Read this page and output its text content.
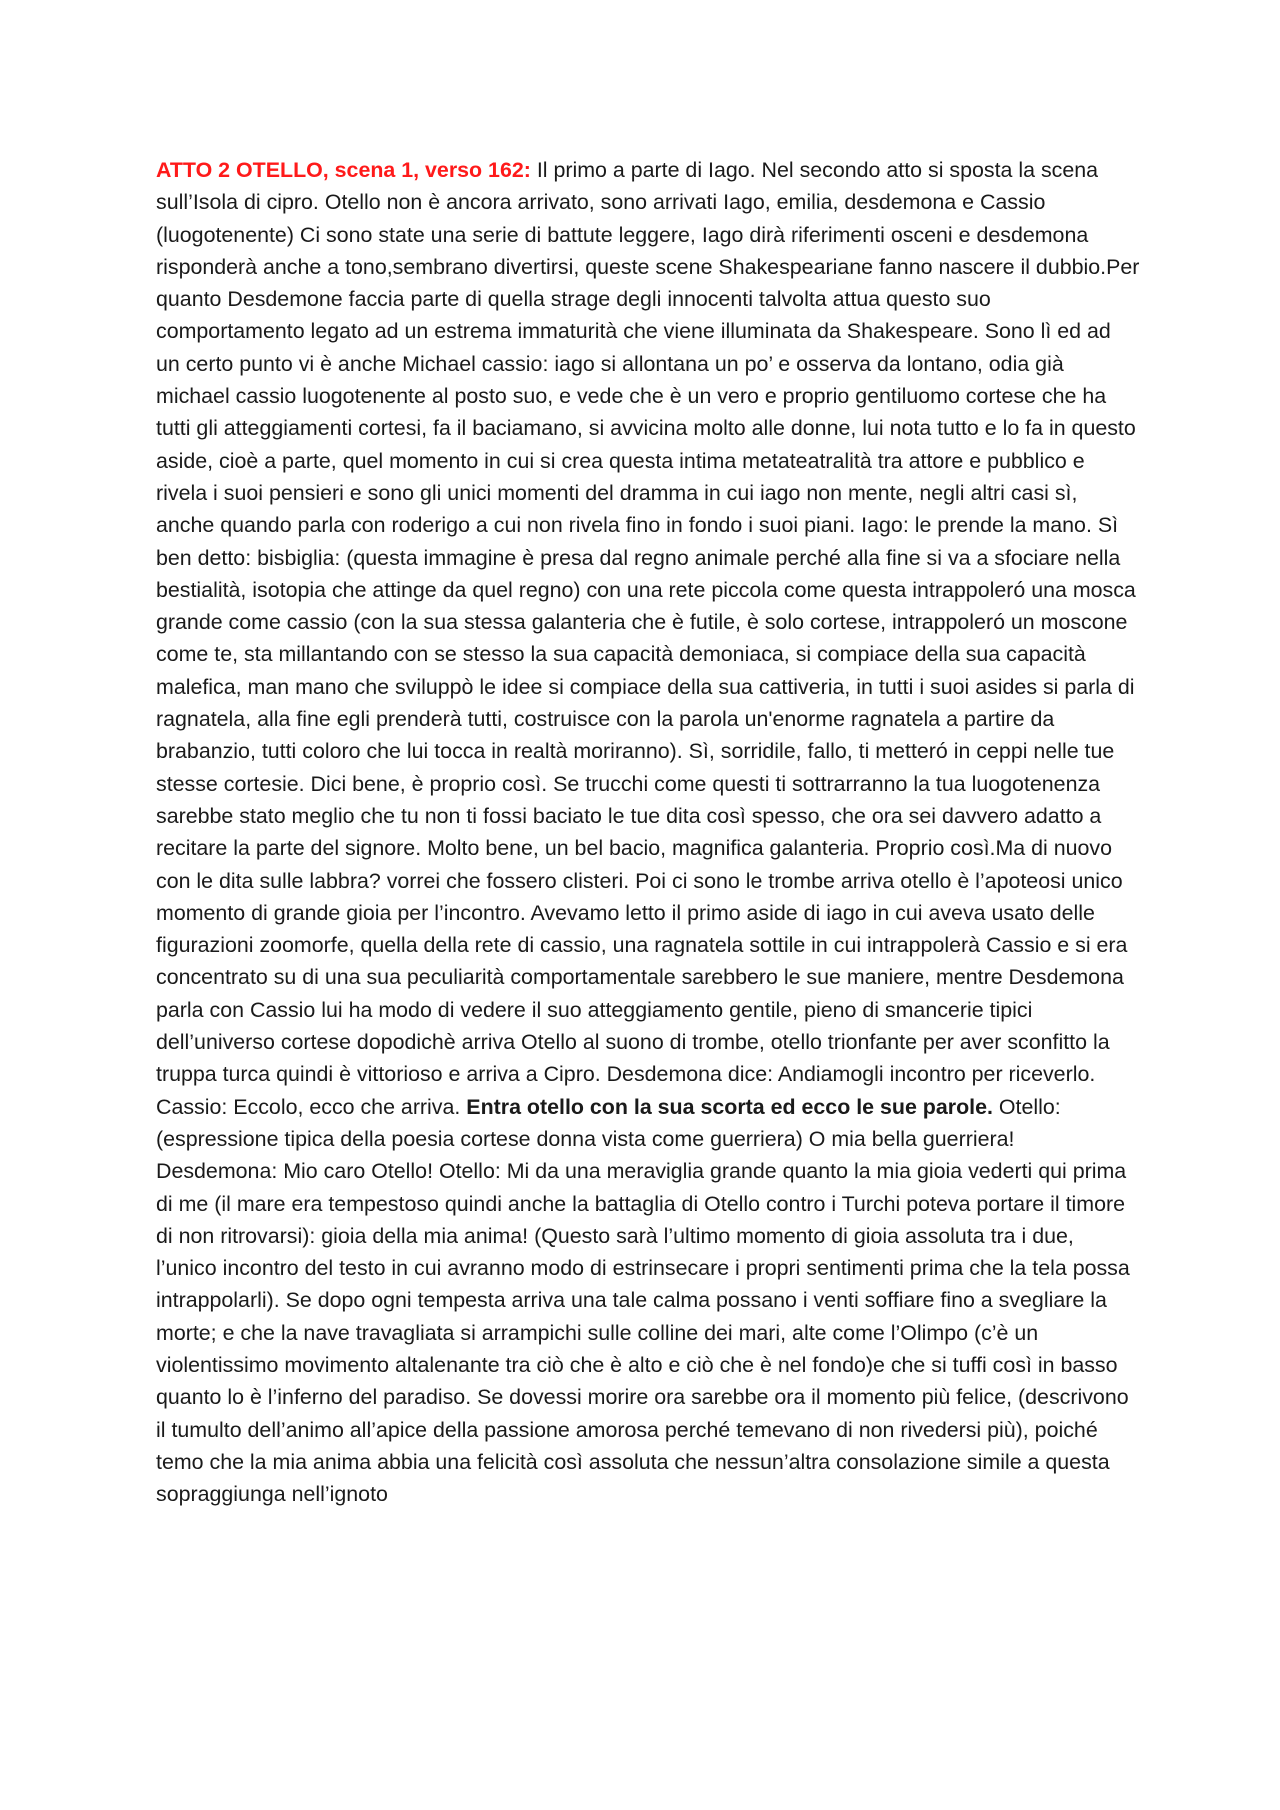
ATTO 2 OTELLO, scena 1, verso 162: Il primo a parte di Iago. Nel secondo atto si sposta la scena sull’Isola di cipro. Otello non è ancora arrivato, sono arrivati Iago, emilia, desdemona e Cassio (luogotenente) Ci sono state una serie di battute leggere, Iago dirà riferimenti osceni e desdemona risponderà anche a tono,sembrano divertirsi, queste scene Shakespeariane fanno nascere il dubbio.Per quanto Desdemone faccia parte di quella strage degli innocenti talvolta attua questo suo comportamento legato ad un estrema immaturità che viene illuminata da Shakespeare. Sono lì ed ad un certo punto vi è anche Michael cassio: iago si allontana un po’ e osserva da lontano, odia già michael cassio luogotenente al posto suo, e vede che è un vero e proprio gentiluomo cortese che ha tutti gli atteggiamenti cortesi, fa il baciamano, si avvicina molto alle donne, lui nota tutto e lo fa in questo aside, cioè a parte, quel momento in cui si crea questa intima metateatralità tra attore e pubblico e rivela i suoi pensieri e sono gli unici momenti del dramma in cui iago non mente, negli altri casi sì, anche quando parla con roderigo a cui non rivela fino in fondo i suoi piani. Iago: le prende la mano. Sì ben detto: bisbiglia: (questa immagine è presa dal regno animale perché alla fine si va a sfociare nella bestialità, isotopia che attinge da quel regno) con una rete piccola come questa intrappoleró una mosca grande come cassio (con la sua stessa galanteria che è futile, è solo cortese, intrappoleró un moscone come te, sta millantando con se stesso la sua capacità demoniaca, si compiace della sua capacità malefica, man mano che sviluppò le idee si compiace della sua cattiveria, in tutti i suoi asides si parla di ragnatela, alla fine egli prenderà tutti, costruisce con la parola un'enorme ragnatela a partire da brabanzio, tutti coloro che lui tocca in realtà moriranno). Sì, sorridile, fallo, ti metteró in ceppi nelle tue stesse cortesie. Dici bene, è proprio così. Se trucchi come questi ti sottrarranno la tua luogotenenza sarebbe stato meglio che tu non ti fossi baciato le tue dita così spesso, che ora sei davvero adatto a recitare la parte del signore. Molto bene, un bel bacio, magnifica galanteria. Proprio così.Ma di nuovo con le dita sulle labbra? vorrei che fossero clisteri. Poi ci sono le trombe arriva otello è l’apoteosi unico momento di grande gioia per l’incontro. Avevamo letto il primo aside di iago in cui aveva usato delle figurazioni zoomorfe, quella della rete di cassio, una ragnatela sottile in cui intrappolerà Cassio e si era concentrato su di una sua peculiarità comportamentale sarebbero le sue maniere, mentre Desdemona parla con Cassio lui ha modo di vedere il suo atteggiamento gentile, pieno di smancerie tipici dell’universo cortese dopodichè arriva Otello al suono di trombe, otello trionfante per aver sconfitto la truppa turca quindi è vittorioso e arriva a Cipro. Desdemona dice: Andiamogli incontro per riceverlo. Cassio: Eccolo, ecco che arriva. Entra otello con la sua scorta ed ecco le sue parole. Otello: (espressione tipica della poesia cortese donna vista come guerriera) O mia bella guerriera! Desdemona: Mio caro Otello! Otello: Mi da una meraviglia grande quanto la mia gioia vederti qui prima di me (il mare era tempestoso quindi anche la battaglia di Otello contro i Turchi poteva portare il timore di non ritrovarsi): gioia della mia anima! (Questo sarà l’ultimo momento di gioia assoluta tra i due, l’unico incontro del testo in cui avranno modo di estrinsecare i propri sentimenti prima che la tela possa intrappolarli). Se dopo ogni tempesta arriva una tale calma possano i venti soffiare fino a svegliare la morte; e che la nave travagliata si arrampichi sulle colline dei mari, alte come l’Olimpo (c’è un violentissimo movimento altalenante tra ciò che è alto e ciò che è nel fondo)e che si tuffi così in basso quanto lo è l’inferno del paradiso. Se dovessi morire ora sarebbe ora il momento più felice, (descrivono il tumulto dell’animo all’apice della passione amorosa perché temevano di non rivedersi più), poiché temo che la mia anima abbia una felicità così assoluta che nessun’altra consolazione simile a questa sopraggiunga nell’ignoto
